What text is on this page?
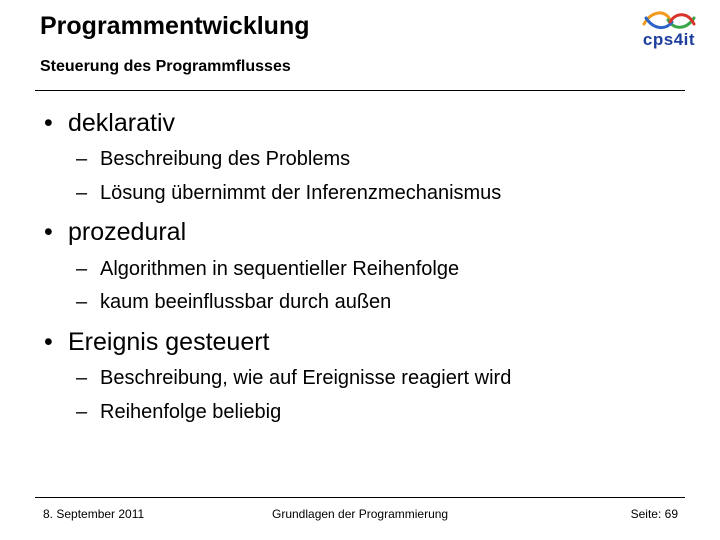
Programmentwicklung
Steuerung des Programmflusses
cps4it
• deklarativ
– Beschreibung des Problems
– Lösung übernimmt der Inferenzmechanismus
• prozedural
– Algorithmen in sequentieller Reihenfolge
– kaum beeinflussbar durch außen
• Ereignis gesteuert
– Beschreibung, wie auf Ereignisse reagiert wird
– Reihenfolge beliebig
8. September 2011	Grundlagen der Programmierung	Seite: 69
